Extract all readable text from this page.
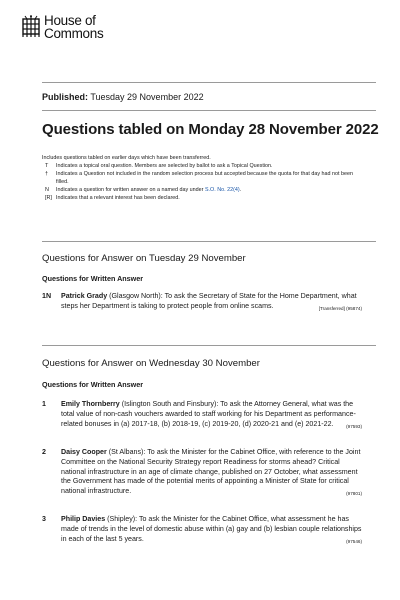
House of
Commons
Published: Tuesday 29 November 2022
Questions tabled on Monday 28 November 2022
Includes questions tabled on earlier days which have been transferred.
T	Indicates a topical oral question. Members are selected by ballot to ask a Topical Question.
†	Indicates a Question not included in the random selection process but accepted because the quota for that day had not been filled.
N	Indicates a question for written answer on a named day under S.O. No. 22(4).
[R] Indicates that a relevant interest has been declared.
Questions for Answer on Tuesday 29 November
Questions for Written Answer
1N	Patrick Grady (Glasgow North): To ask the Secretary of State for the Home Department, what steps her Department is taking to protect people from online scams.	[Transferred] (95874)
Questions for Answer on Wednesday 30 November
Questions for Written Answer
1	Emily Thornberry (Islington South and Finsbury): To ask the Attorney General, what was the total value of non-cash vouchers awarded to staff working for his Department as performance-related bonuses in (a) 2017-18, (b) 2018-19, (c) 2019-20, (d) 2020-21 and (e) 2021-22.	(97593)
2	Daisy Cooper (St Albans): To ask the Minister for the Cabinet Office, with reference to the Joint Committee on the National Security Strategy report Readiness for storms ahead? Critical national infrastructure in an age of climate change, published on 27 October, what assessment the Government has made of the potential merits of appointing a Minister of State for critical national infrastructure.	(97801)
3	Philip Davies (Shipley): To ask the Minister for the Cabinet Office, what assessment he has made of trends in the level of domestic abuse within (a) gay and (b) lesbian couple relationships in each of the last 5 years.	(97546)
